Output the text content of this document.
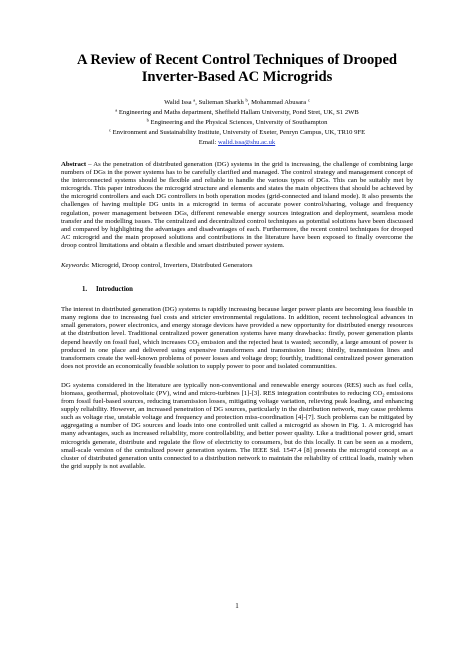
A Review of Recent Control Techniques of Drooped
Inverter-Based AC Microgrids
Walid Issa $^a$, Sulieman Sharkh $^b$, Mohammad Abusara $^c$
$^a$ Engineering and Maths department, Sheffield Hallam University, Pond Stret, UK, S1 2WB
$^b$ Engineering and the Physical Sciences, University of Southampton
$^c$ Environment and Sustainability Institute, University of Exeter, Penryn Campus, UK, TR10 9FE
Email: walid.issa@shu.ac.uk

Abstract – As the penetration of distributed generation (DG) systems in the grid is increasing, the challenge of combining large numbers of DGs in the power systems has to be carefully clarified and managed. The control strategy and management concept of the interconnected systems should be flexible and reliable to handle the various types of DGs. This can be suitably met by microgrids. This paper introduces the microgrid structure and elements and states the main objectives that should be achieved by the microgrid controllers and each DG controllers in both operation modes (grid-connected and island mode). It also presents the challenges of having multiple DG units in a microgrid in terms of accurate power control/sharing, voltage and frequency regulation, power management between DGs, different renewable energy sources integration and deployment, seamless mode transfer and the modelling issues. The centralized and decentralized control techniques as potential solutions have been discussed and compared by highlighting the advantages and disadvantages of each. Furthermore, the recent control techniques for drooped AC microgrid and the main proposed solutions and contributions in the literature have been exposed to finally overcome the droop control limitations and obtain a flexible and smart distributed power system.

Keywords: Microgrid, Droop control, Inverters, Distributed Generators

1. Introduction

The interest in distributed generation (DG) systems is rapidly increasing because larger power plants are becoming less feasible in many regions due to increasing fuel costs and stricter environmental regulations. In addition, recent technological advances in small generators, power electronics, and energy storage devices have provided a new opportunity for distributed energy resources at the distribution level. Traditional centralized power generation systems have many drawbacks: firstly, power generation plants depend heavily on fossil fuel, which increases $CO_2$ emission and the rejected heat is wasted; secondly, a large amount of power is produced in one place and delivered using expensive transformers and transmission lines; thirdly, transmission lines and transformers create the well-known problems of power losses and voltage drop; fourthly, traditional centralized power generation does not provide an economically feasible solution to supply power to poor and isolated communities.

DG systems considered in the literature are typically non-conventional and renewable energy sources (RES) such as fuel cells, biomass, geothermal, photovoltaic (PV), wind and micro-turbines [1]-[3]. RES integration contributes to reducing $CO_2$ emissions from fossil fuel-based sources, reducing transmission losses, mitigating voltage variation, relieving peak loading, and enhancing supply reliability. However, an increased penetration of DG sources, particularly in the distribution network, may cause problems such as voltage rise, unstable voltage and frequency and protection miss-coordination [4]-[7]. Such problems can be mitigated by aggregating a number of DG sources and loads into one controlled unit called a microgrid as shown in Fig. 1. A microgrid has many advantages, such as increased reliability, more controllability, and better power quality. Like a traditional power grid, smart microgrids generate, distribute and regulate the flow of electricity to consumers, but do this locally. It can be seen as a modern, small-scale version of the centralized power generation system. The IEEE Std. 1547.4 [8] presents the microgrid concept as a cluster of distributed generation units connected to a distribution network to maintain the reliability of critical loads, mainly when the grid supply is not available.

1
